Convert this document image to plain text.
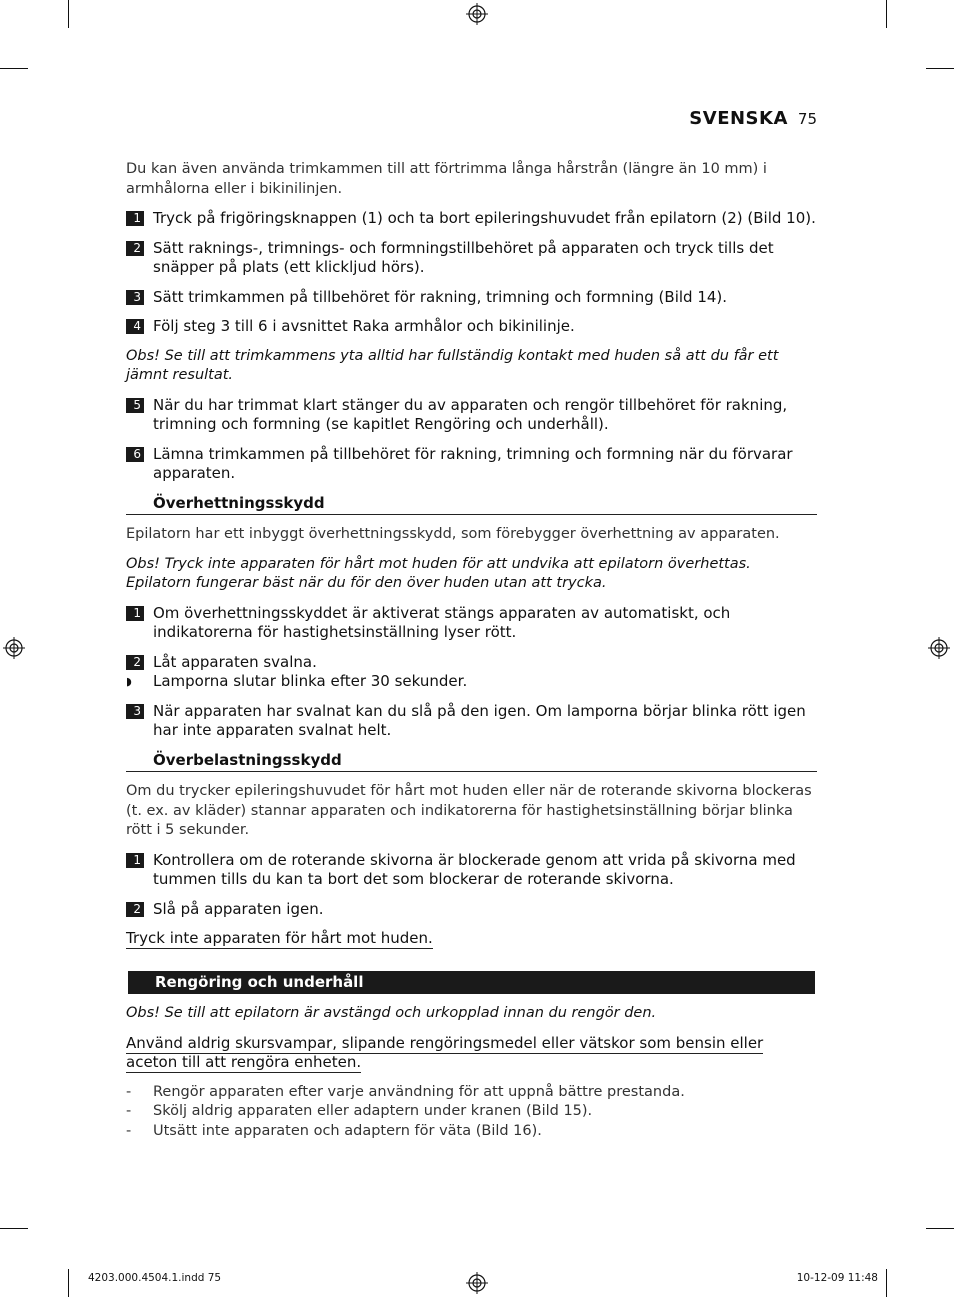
SVENSKA 75

Du kan även använda trimkammen till att förtrimma långa hårstrån (längre än 10 mm) i armhålorna eller i bikinilinjen.

1 Tryck på frigöringsknappen (1) och ta bort epileringshuvudet från epilatorn (2) (Bild 10).
2 Sätt raknings-, trimnings- och formningstillbehöret på apparaten och tryck tills det snäpper på plats (ett klickljud hörs).
3 Sätt trimkammen på tillbehöret för rakning, trimning och formning (Bild 14).
4 Följ steg 3 till 6 i avsnittet Raka armhålor och bikinilinje.

Obs! Se till att trimkammens yta alltid har fullständig kontakt med huden så att du får ett jämnt resultat.

5 När du har trimmat klart stänger du av apparaten och rengör tillbehöret för rakning, trimning och formning (se kapitlet Rengöring och underhåll).
6 Lämna trimkammen på tillbehöret för rakning, trimning och formning när du förvarar apparaten.
Överhettningsskydd

Epilatorn har ett inbyggt överhettningsskydd, som förebygger överhettning av apparaten.

Obs! Tryck inte apparaten för hårt mot huden för att undvika att epilatorn överhettas. Epilatorn fungerar bäst när du för den över huden utan att trycka.

1 Om överhettningsskyddet är aktiverat stängs apparaten av automatiskt, och indikatorerna för hastighetsinställning lyser rött.
2 Låt apparaten svalna.
◗	Lamporna slutar blinka efter 30 sekunder.
3 När apparaten har svalnat kan du slå på den igen. Om lamporna börjar blinka rött igen har inte apparaten svalnat helt.
Överbelastningsskydd

Om du trycker epileringshuvudet för hårt mot huden eller när de roterande skivorna blockeras (t. ex. av kläder) stannar apparaten och indikatorerna för hastighetsinställning börjar blinka rött i 5 sekunder.

1 Kontrollera om de roterande skivorna är blockerade genom att vrida på skivorna med tummen tills du kan ta bort det som blockerar de roterande skivorna.
2 Slå på apparaten igen.

Tryck inte apparaten för hårt mot huden.

Rengöring och underhåll

Obs! Se till att epilatorn är avstängd och urkopplad innan du rengör den.

Använd aldrig skursvampar, slipande rengöringsmedel eller vätskor som bensin eller aceton till att rengöra enheten.

-	Rengör apparaten efter varje användning för att uppnå bättre prestanda.
-	Skölj aldrig apparaten eller adaptern under kranen (Bild 15).
-	Utsätt inte apparaten och adaptern för väta (Bild 16).
4203.000.4504.1.indd 75	10-12-09 11:48
